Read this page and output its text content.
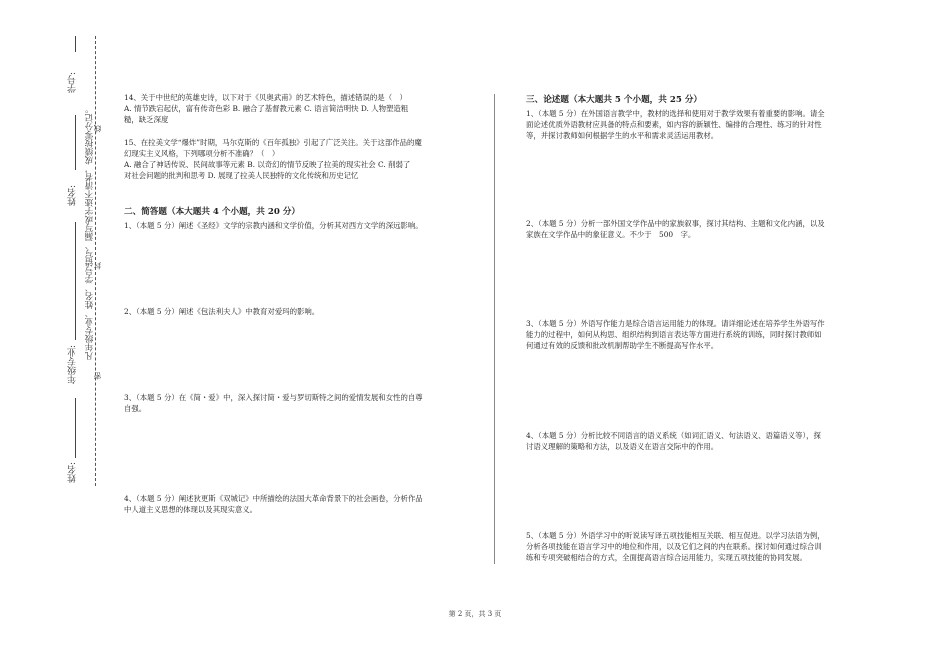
学号:
姓名:
年级专业:
姓名:
凡年级专业、姓名、学号错写、漏写或字迹不清者，成绩按零分记。
线
封
密

14、关于中世纪的英雄史诗，以下对于《贝奥武甫》的艺术特色，描述错误的是（　）

A. 情节跌宕起伏，富有传奇色彩 B. 融合了基督教元素 C. 语言简洁明快 D. 人物塑造粗

糙，缺乏深度

15、在拉美文学“爆炸”时期，马尔克斯的《百年孤独》引起了广泛关注。关于这部作品的魔

幻现实主义风格，下列哪项分析不准确？（　）

A. 融合了神话传说、民间故事等元素 B. 以奇幻的情节反映了拉美的现实社会 C. 削弱了

对社会问题的批判和思考 D. 展现了拉美人民独特的文化传统和历史记忆

二、简答题（本大题共 4 个小题，共 20 分）
1、（本题 5 分）阐述《圣经》文学的宗教内涵和文学价值，分析其对西方文学的深远影响。
2、（本题 5 分）阐述《包法利夫人》中教育对爱玛的影响。

3、（本题 5 分）在《简・爱》中，深入探讨简・爱与罗切斯特之间的爱情发展和女性的自尊

自强。

4、（本题 5 分）阐述狄更斯《双城记》中所描绘的法国大革命背景下的社会画卷，分析作品

中人道主义思想的体现以及其现实意义。

三、论述题（本大题共 5 个小题，共 25 分）

1、（本题 5 分）在外国语言教学中，教材的选择和使用对于教学效果有着重要的影响。请全

面论述优质外语教材应具备的特点和要素，如内容的新颖性、编排的合理性、练习的针对性

等，并探讨教师如何根据学生的水平和需求灵活运用教材。

2、（本题 5 分）分析一部外国文学作品中的家族叙事，探讨其结构、主题和文化内涵，以及

家族在文学作品中的象征意义。不少于　500　字。

3、（本题 5 分）外语写作能力是综合语言运用能力的体现。请详细论述在培养学生外语写作

能力的过程中，如何从构思、组织结构到语言表达等方面进行系统的训练，同时探讨教师如

何通过有效的反馈和批改机制帮助学生不断提高写作水平。

4、（本题 5 分）分析比较不同语言的语义系统（如词汇语义、句法语义、语篇语义等），探

讨语义理解的策略和方法，以及语义在语言交际中的作用。

5、（本题 5 分）外语学习中的听说读写译五项技能相互关联、相互促进。以学习法语为例，

分析各项技能在语言学习中的地位和作用，以及它们之间的内在联系。探讨如何通过综合训

练和专项突破相结合的方式，全面提高语言综合运用能力，实现五项技能的协同发展。

第 2 页，共 3 页
